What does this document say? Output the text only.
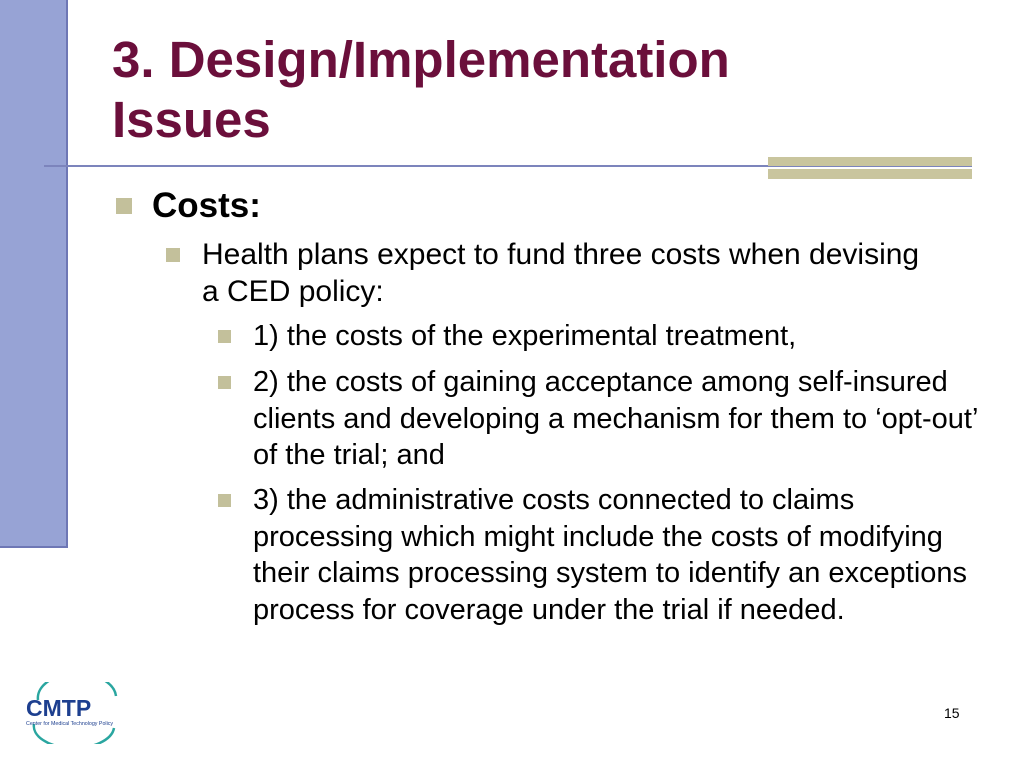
3. Design/Implementation
Issues
Costs:
Health plans expect to fund three costs when devising a CED policy:
1) the costs of the experimental treatment,
2) the costs of gaining acceptance among self-insured clients and developing a mechanism for them to ‘opt-out’ of the trial; and
3) the administrative costs connected to claims processing which might include the costs of modifying their claims processing system to identify an exceptions process for coverage under the trial if needed.
CMTP
Center for Medical Technology Policy
15
